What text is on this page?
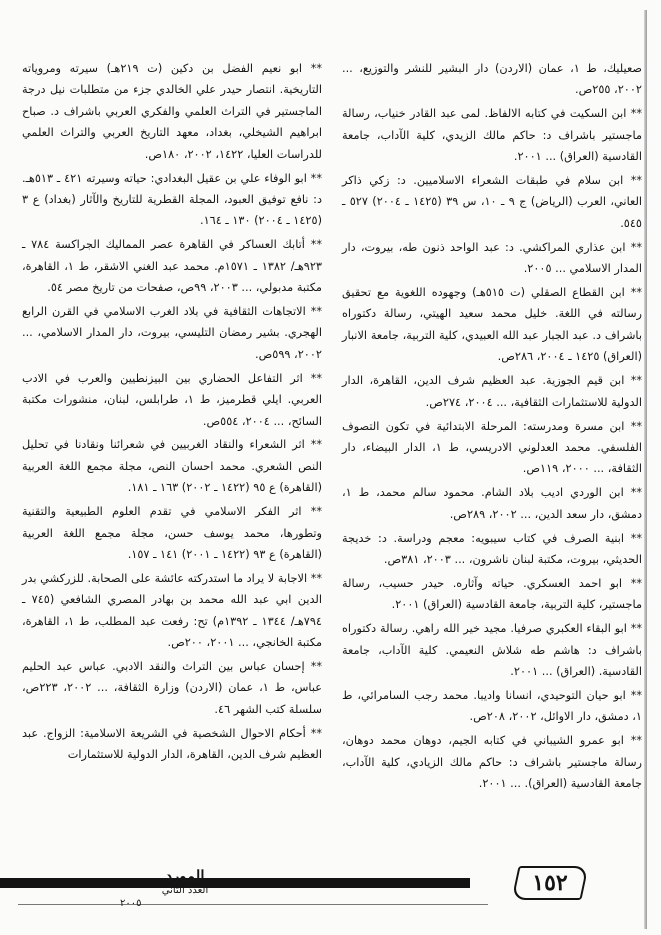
صعيليك، ط ١، عمان (الاردن) دار البشير للنشر والتوزيع، ... ٢٠٠٢، ٢٥٥ص.

** ابن السكيت في كتابه الالفاظ. لمى عبد القادر خنياب، رسالة ماجستير باشراف د: حاكم مالك الزيدي، كلية الآداب، جامعة القادسية (العراق) ... ٢٠٠١.

** ابن سلام في طبقات الشعراء الاسلاميين. د: زكي ذاكر العاني، العرب (الرياض) ج ٩ ـ ١٠، س ٣٩ (١٤٢٥ ـ ٢٠٠٤) ٥٢٧ ـ ٥٤٥.

** ابن عذاري المراكشي. د: عبد الواحد ذنون طه، بيروت، دار المدار الاسلامي ... ٢٠٠٥.

** ابن القطاع الصقلي (ت ٥١٥هـ) وجهوده اللغوية مع تحقيق رسالته في اللغة. خليل محمد سعيد الهيتي، رسالة دكتوراه باشراف د. عبد الجبار عبد الله العبيدي، كلية التربية، جامعة الانبار (العراق) ١٤٢٥ ـ ٢٠٠٤، ٢٨٦ص.

** ابن قيم الجوزية. عبد العظيم شرف الدين، القاهرة، الدار الدولية للاستثمارات الثقافية، ... ٢٠٠٤، ٢٧٤ص.

** ابن مسرة ومدرسته: المرحلة الابتدائية في تكون التصوف الفلسفي. محمد العدلوني الادريسي، ط ١، الدار البيضاء، دار الثقافة، ... ٢٠٠٠، ١١٩ص.

** ابن الوردي اديب بلاد الشام. محمود سالم محمد، ط ١، دمشق، دار سعد الدين، ... ٢٠٠٢، ٢٨٩ص.

** ابنية الصرف في كتاب سيبويه: معجم ودراسة. د: خديجة الحديثي، بيروت، مكتبة لبنان ناشرون، ... ٢٠٠٣، ٣٨١ص.

** ابو احمد العسكري. حياته وآثاره. حيدر حسيب، رسالة ماجستير، كلية التربية، جامعة القادسية (العراق) ٢٠٠١.

** ابو البقاء العكبري صرفيا. مجيد خير الله راهي. رسالة دكتوراه باشراف د: هاشم طه شلاش النعيمي. كلية الآداب، جامعة القادسية. (العراق) ... ٢٠٠١.

** ابو حيان التوحيدي، انسانا واديبا. محمد رجب السامرائي، ط ١، دمشق، دار الاوائل، ٢٠٠٢، ٢٠٨ص.

** ابو عمرو الشيباني في كتابه الجيم، دوهان محمد دوهان، رسالة ماجستير باشراف د: حاكم مالك الزيادي، كلية الآداب، جامعة القادسية (العراق). ... ٢٠٠١.

** ابو نعيم الفضل بن دكين (ت ٢١٩هـ) سيرته ومروياته التاريخية. انتصار حيدر علي الخالدي جزء من متطلبات نيل درجة الماجستير في التراث العلمي والفكري العربي باشراف د. صباح ابراهيم الشيخلي، بغداد، معهد التاريخ العربي والتراث العلمي للدراسات العليا، ١٤٢٢، ٢٠٠٢، ١٨٠ص.

** ابو الوفاء علي بن عقيل البغدادي: حياته وسيرته ٤٢١ ـ ٥١٣هـ. د: نافع توفيق العبود، المجلة القطرية للتاريخ والآثار (بغداد) ع ٣ (١٤٢٥ ـ ٢٠٠٤) ١٣٠ ـ ١٦٤.

** أتابك العساكر في القاهرة عصر المماليك الجراكسة ٧٨٤ ـ ٩٢٣هـ/ ١٣٨٢ ـ ١٥٧١م. محمد عبد الغني الاشقر، ط ١، القاهرة، مكتبة مدبولي، ... ٢٠٠٣، ٩٩ص، صفحات من تاريخ مصر ٥٤.

** الاتجاهات الثقافية في بلاد الغرب الاسلامي في القرن الرابع الهجري. بشير رمضان التليسي، بيروت، دار المدار الاسلامي، ... ٢٠٠٢، ٥٩٩ص.

** اثر التفاعل الحضاري بين البيزنطيين والعرب في الادب العربي. ايلي قطرميز، ط ١، طرابلس، لبنان، منشورات مكتبة السائح، ... ٢٠٠٤، ٥٥٤ص.

** اثر الشعراء والنقاد الغربيين في شعرائنا ونقادنا في تحليل النص الشعري. محمد احسان النص، مجلة مجمع اللغة العربية (القاهرة) ع ٩٥ (١٤٢٢ ـ ٢٠٠٢) ١٦٣ ـ ١٨١.

** اثر الفكر الاسلامي في تقدم العلوم الطبيعية والتقنية وتطورها، محمد يوسف حسن، مجلة مجمع اللغة العربية (القاهرة) ع ٩٣ (١٤٢٢ ـ ٢٠٠١) ١٤١ ـ ١٥٧.

** الاجابة لا يراد ما استدركته عائشة على الصحابة. للزركشي بدر الدين ابي عبد الله محمد بن بهادر المصري الشافعي (٧٤٥ ـ ٧٩٤هـ/ ١٣٤٤ ـ ١٣٩٢م) تح: رفعت عبد المطلب، ط ١، القاهرة، مكتبة الخانجي، ... ٢٠٠١، ٢٠٠ص.

** إحسان عباس بين التراث والنقد الادبي. عباس عبد الحليم عباس، ط ١، عمان (الاردن) وزارة الثقافة، ... ٢٠٠٢، ٢٢٣ص، سلسلة كتب الشهر ٤٦.

** أحكام الاحوال الشخصية في الشريعة الاسلامية: الزواج. عبد العظيم شرف الدين، القاهرة، الدار الدولية للاستثمارات

المورد
العدد الثاني
٢٠٠٥
١٥٢
